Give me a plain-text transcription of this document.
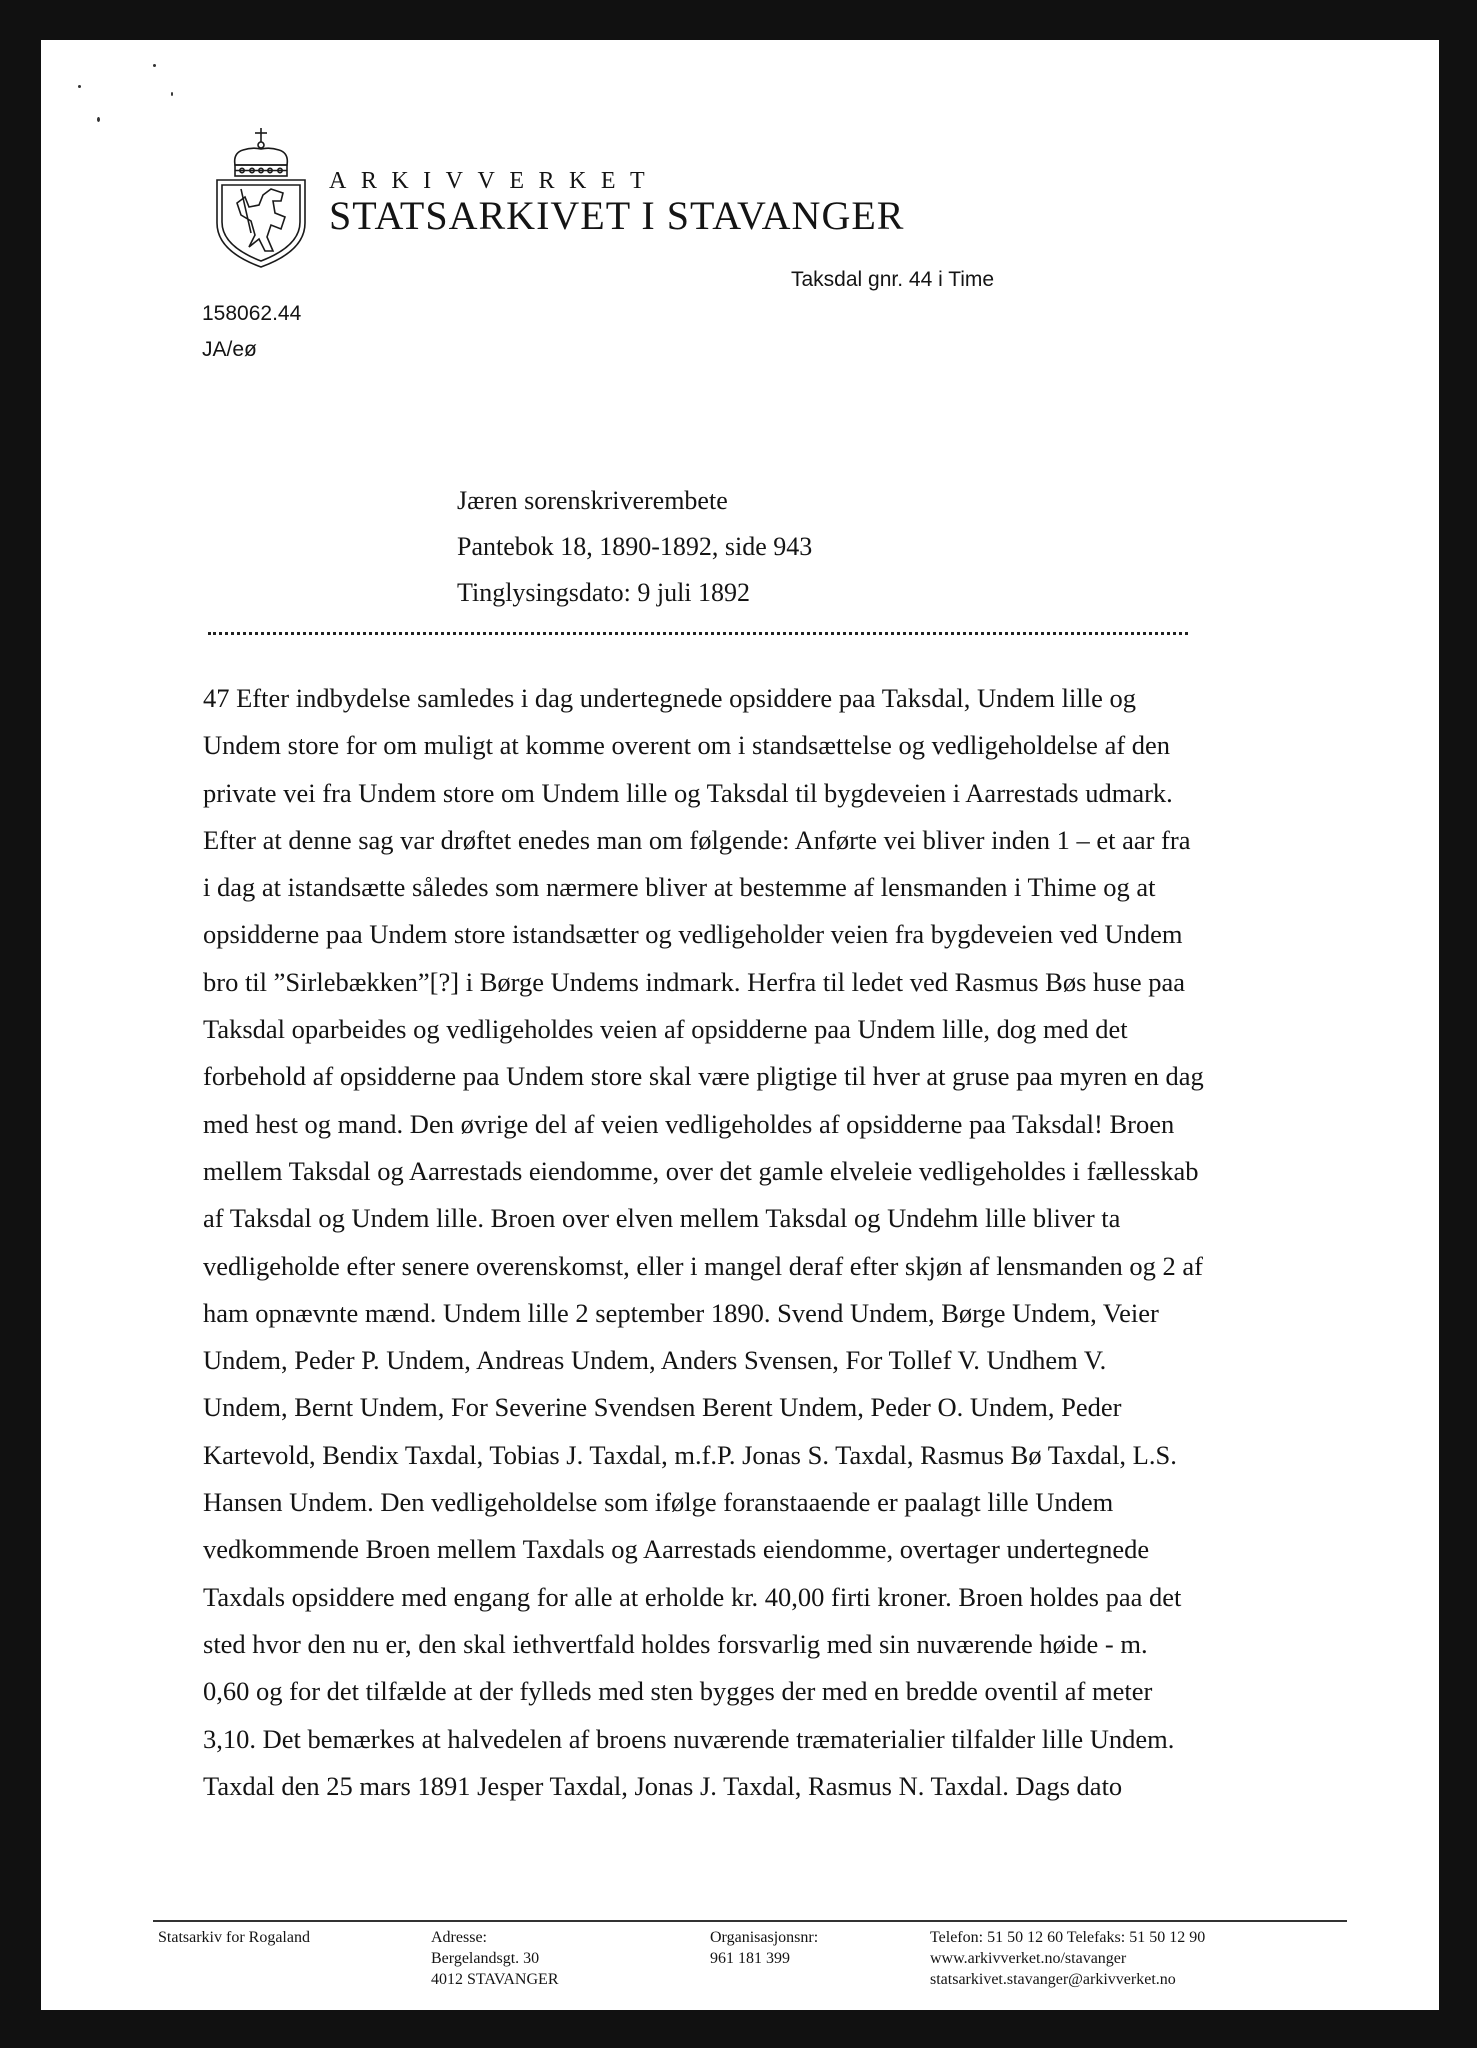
ARKIVVERKET
STATSARKIVET I STAVANGER
Taksdal gnr. 44 i Time
158062.44
JA/eø
Jæren sorenskriverembete
Pantebok 18, 1890-1892, side 943
Tinglysingsdato: 9 juli 1892
47 Efter indbydelse samledes i dag undertegnede opsiddere paa Taksdal, Undem lille og
Undem store for om muligt at komme overent om i standsættelse og vedligeholdelse af den
private vei fra Undem store om Undem lille og Taksdal til bygdeveien i Aarrestads udmark.
Efter at denne sag var drøftet enedes man om følgende: Anførte vei bliver inden 1 – et aar fra
i dag at istandsætte således som nærmere bliver at bestemme af lensmanden i Thime og at
opsidderne paa Undem store istandsætter og vedligeholder veien fra bygdeveien ved Undem
bro til ”Sirlebækken”[?] i Børge Undems indmark. Herfra til ledet ved Rasmus Bøs huse paa
Taksdal oparbeides og vedligeholdes veien af opsidderne paa Undem lille, dog med det
forbehold af opsidderne paa Undem store skal være pligtige til hver at gruse paa myren en dag
med hest og mand. Den øvrige del af veien vedligeholdes af opsidderne paa Taksdal! Broen
mellem Taksdal og Aarrestads eiendomme, over det gamle elveleie vedligeholdes i fællesskab
af Taksdal og Undem lille. Broen over elven mellem Taksdal og Undehm lille bliver ta
vedligeholde efter senere overenskomst, eller i mangel deraf efter skjøn af lensmanden og 2 af
ham opnævnte mænd. Undem lille 2 september 1890. Svend Undem, Børge Undem, Veier
Undem, Peder P. Undem, Andreas Undem, Anders Svensen, For Tollef V. Undhem V.
Undem, Bernt Undem, For Severine Svendsen Berent Undem, Peder O. Undem, Peder
Kartevold, Bendix Taxdal, Tobias J. Taxdal, m.f.P. Jonas S. Taxdal, Rasmus Bø Taxdal, L.S.
Hansen Undem. Den vedligeholdelse som ifølge foranstaaende er paalagt lille Undem
vedkommende Broen mellem Taxdals og Aarrestads eiendomme, overtager undertegnede
Taxdals opsiddere med engang for alle at erholde kr. 40,00 firti kroner. Broen holdes paa det
sted hvor den nu er, den skal iethvertfald holdes forsvarlig med sin nuværende høide - m.
0,60 og for det tilfælde at der fylleds med sten bygges der med en bredde oventil af meter
3,10. Det bemærkes at halvedelen af broens nuværende træmaterialier tilfalder lille Undem.
Taxdal den 25 mars 1891 Jesper Taxdal, Jonas J. Taxdal, Rasmus N. Taxdal. Dags dato
Statsarkiv for Rogaland	Adresse:
Bergelandsgt. 30
4012 STAVANGER
Organisasjonsnr:
961 181 399
Telefon: 51 50 12 60 Telefaks: 51 50 12 90
www.arkivverket.no/stavanger
statsarkivet.stavanger@arkivverket.no
